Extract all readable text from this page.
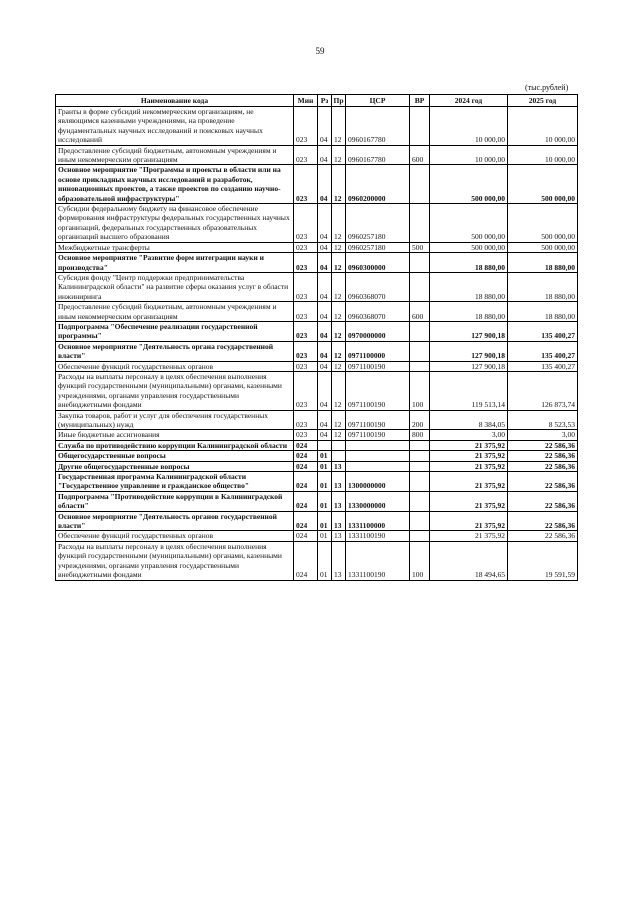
59
(тыс.рублей)
Наименование кода	Мин	Рз	Пр	ЦСР	ВР	2024 год	2025 год
Гранты в форме субсидий некоммерческим организациям, не являющимся казенными учреждениями, на проведение фундаментальных научных исследований и поисковых научных исследований	023	04	12	0960167780		10 000,00	10 000,00
Предоставление субсидий бюджетным, автономным учреждениям и иным некоммерческим организациям	023	04	12	0960167780	600	10 000,00	10 000,00
Основное мероприятие "Программы и проекты в области или на основе прикладных научных исследований и разработок, инновационных проектов, а также проектов по созданию научно-образовательной инфраструктуры"	023	04	12	0960200000		500 000,00	500 000,00
Субсидии федеральному бюджету на финансовое обеспечение формирования инфраструктуры федеральных государственных научных организаций, федеральных государственных образовательных организаций высшего образования	023	04	12	0960257180		500 000,00	500 000,00
Межбюджетные трансферты	023	04	12	0960257180	500	500 000,00	500 000,00
Основное мероприятие "Развитие форм интеграции науки и производства"	023	04	12	0960300000		18 880,00	18 880,00
Субсидия фонду "Центр поддержки предпринимательства Калининградской области" на развитие сферы оказания услуг в области инжиниринга	023	04	12	0960368070		18 880,00	18 880,00
Предоставление субсидий бюджетным, автономным учреждениям и иным некоммерческим организациям	023	04	12	0960368070	600	18 880,00	18 880,00
Подпрограмма "Обеспечение реализации государственной программы"	023	04	12	0970000000		127 900,18	135 400,27
Основное мероприятие "Деятельность органа государственной власти"	023	04	12	0971100000		127 900,18	135 400,27
Обеспечение функций государственных органов	023	04	12	0971100190		127 900,18	135 400,27
Расходы на выплаты персоналу в целях обеспечения выполнения функций государственными (муниципальными) органами, казенными учреждениями, органами управления государственными внебюджетными фондами	023	04	12	0971100190	100	119 513,14	126 873,74
Закупка товаров, работ и услуг для обеспечения государственных (муниципальных) нужд	023	04	12	0971100190	200	8 384,05	8 523,53
Иные бюджетные ассигнования	023	04	12	0971100190	800	3,00	3,00
Служба по противодействию коррупции Калининградской области	024					21 375,92	22 586,36
Общегосударственные вопросы	024	01				21 375,92	22 586,36
Другие общегосударственные вопросы	024	01	13			21 375,92	22 586,36
Государственная программа Калининградской области "Государственное управление и гражданское общество"	024	01	13	1300000000		21 375,92	22 586,36
Подпрограмма "Противодействие коррупции в Калининградской области"	024	01	13	1330000000		21 375,92	22 586,36
Основное мероприятие "Деятельность органов государственной власти"	024	01	13	1331100000		21 375,92	22 586,36
Обеспечение функций государственных органов	024	01	13	1331100190		21 375,92	22 586,36
Расходы на выплаты персоналу в целях обеспечения выполнения функций государственными (муниципальными) органами, казенными учреждениями, органами управления государственными внебюджетными фондами	024	01	13	1331100190	100	18 494,65	19 591,59
